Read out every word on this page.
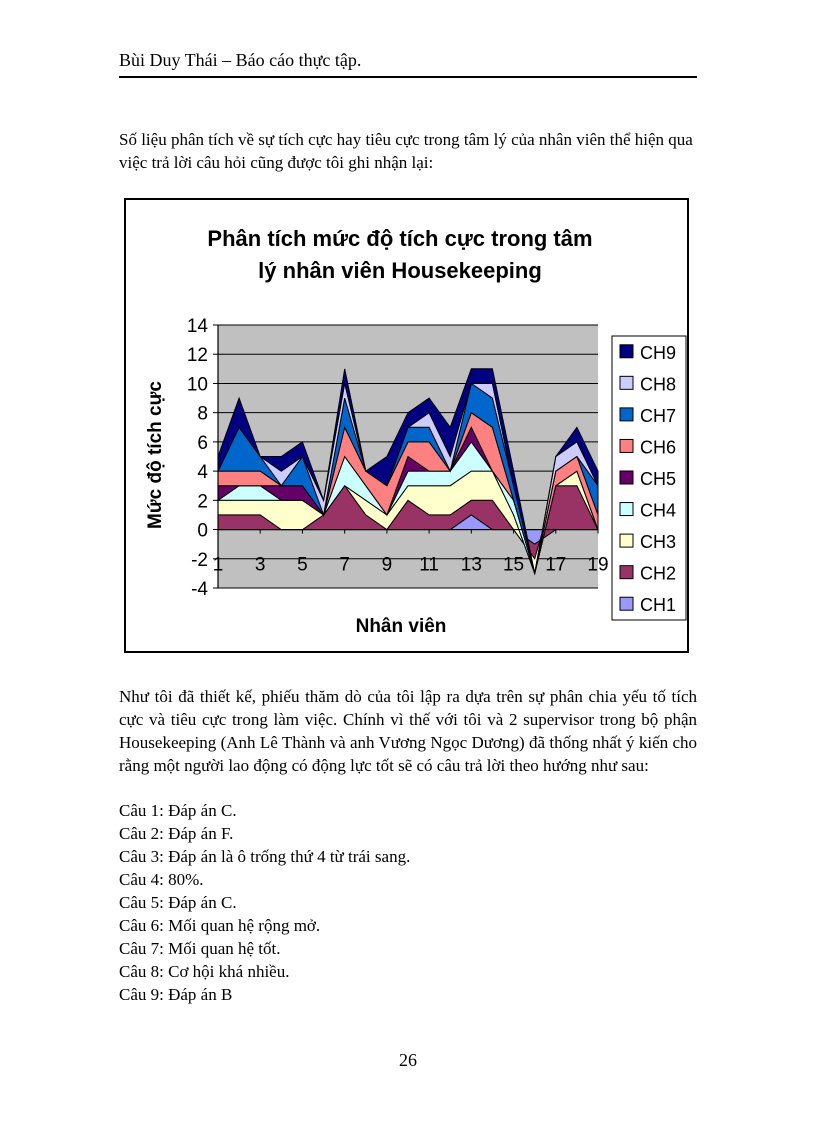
Bùi Duy Thái – Báo cáo thực tập.
Số liệu phân tích về sự tích cực hay tiêu cực trong tâm lý của nhân viên thể hiện qua việc trả lời câu hỏi cũng được tôi ghi nhận lại:
14
12
10
8
6
4
2
0
-2
-4
1 3 5 7 9 11 13 15 17 19
CH9
CH8
CH7
CH6
CH5
CH4
CH3
CH2
CH1
Phân tích mức độ tích cực trong tâm
lý nhân viên Housekeeping
Nhân viên
Mức độ tích cực
Như tôi đã thiết kế, phiếu thăm dò của tôi lập ra dựa trên sự phân chia yếu tố tích cực và tiêu cực trong làm việc. Chính vì thế với tôi và 2 supervisor trong bộ phận Housekeeping (Anh Lê Thành và anh Vương Ngọc Dương) đã thống nhất ý kiến cho rằng một người lao động có động lực tốt sẽ có câu trả lời theo hướng như sau:
Câu 1: Đáp án C.
Câu 2: Đáp án F.
Câu 3: Đáp án là ô trống thứ 4 từ trái sang.
Câu 4: 80%.
Câu 5: Đáp án C.
Câu 6: Mối quan hệ rộng mở.
Câu 7: Mối quan hệ tốt.
Câu 8: Cơ hội khá nhiều.
Câu 9: Đáp án B
26
